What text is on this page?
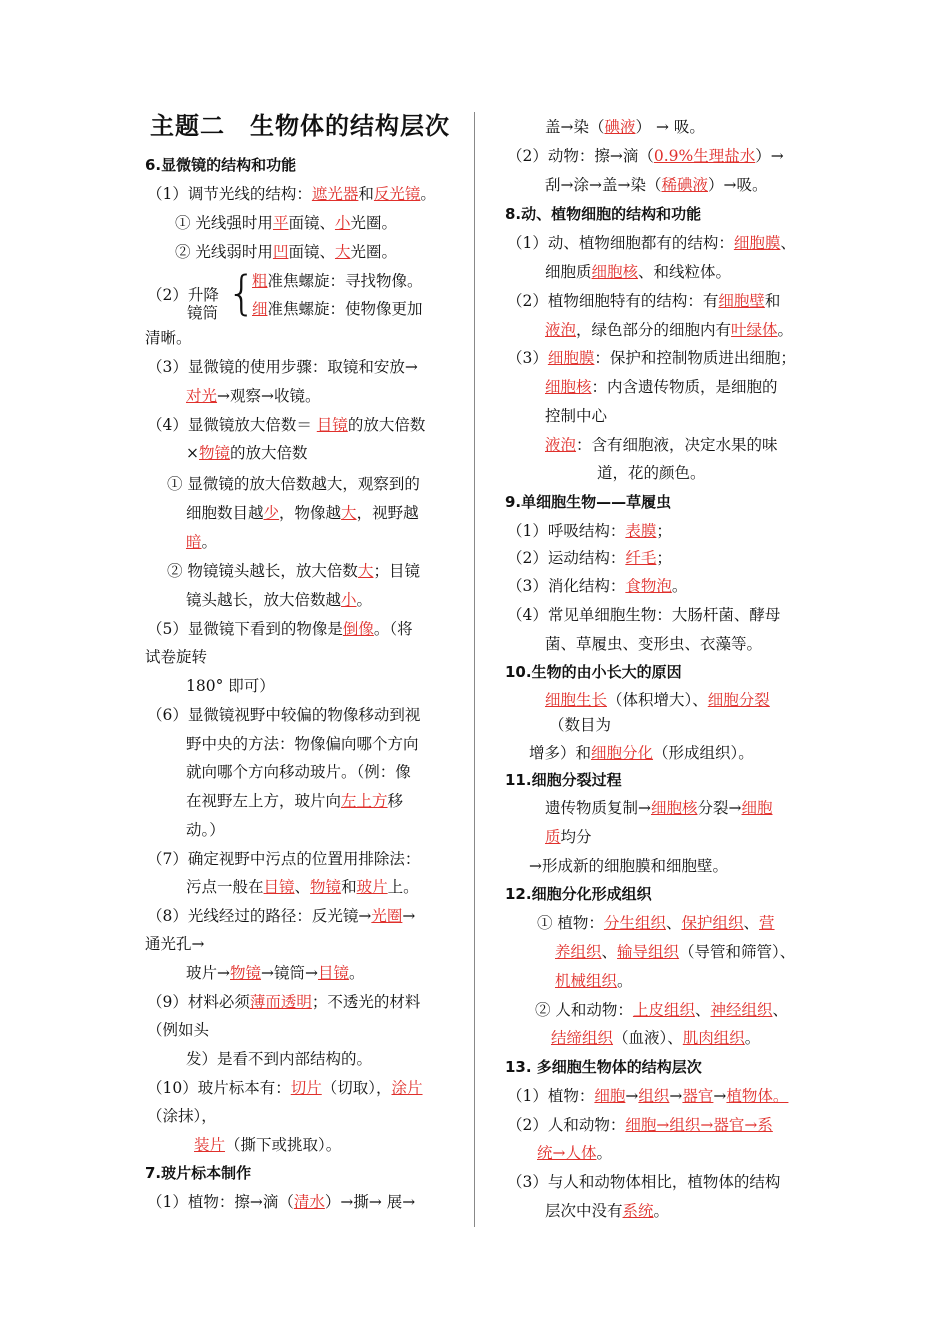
主题二　生物体的结构层次
6.显微镜的结构和功能
（1）调节光线的结构：遮光器和反光镜。
① 光线强时用平面镜、小光圈。
② 光线弱时用凹面镜、大光圈。
粗准焦螺旋：寻找物像。
（2）升降
镜筒 细准焦螺旋：使物像更加
清晰。
（3）显微镜的使用步骤：取镜和安放→
对光→观察→收镜。
（4）显微镜放大倍数＝ 目镜的放大倍数
×物镜的放大倍数
① 显微镜的放大倍数越大，观察到的
细胞数目越少，物像越大，视野越
暗。
② 物镜镜头越长，放大倍数大；目镜
镜头越长，放大倍数越小。
（5）显微镜下看到的物像是倒像。（将
试卷旋转
180° 即可）
（6）显微镜视野中较偏的物像移动到视
野中央的方法：物像偏向哪个方向
就向哪个方向移动玻片。（例：像
在视野左上方，玻片向左上方移
动。）
（7）确定视野中污点的位置用排除法：
污点一般在目镜、物镜和玻片上。
（8）光线经过的路径：反光镜→光圈→
通光孔→
玻片→物镜→镜筒→目镜。
（9）材料必须薄而透明；不透光的材料
（例如头
发）是看不到内部结构的。
（10）玻片标本有：切片（切取），涂片
（涂抹），
装片（撕下或挑取）。
7.玻片标本制作
（1）植物：擦→滴（清水）→撕→ 展→
盖→染（碘液） → 吸。
（2）动物：擦→滴（0.9%生理盐水）→
刮→涂→盖→染（稀碘液）→吸。
8.动、植物细胞的结构和功能
（1）动、植物细胞都有的结构：细胞膜、
细胞质细胞核、和线粒体。
（2）植物细胞特有的结构：有细胞壁和
液泡，绿色部分的细胞内有叶绿体。
（3）细胞膜：保护和控制物质进出细胞；
细胞核：内含遗传物质，是细胞的
控制中心
液泡：含有细胞液，决定水果的味
道，花的颜色。
9.单细胞生物——草履虫
（1）呼吸结构：表膜；
（2）运动结构：纤毛；
（3）消化结构：食物泡。
（4）常见单细胞生物：大肠杆菌、酵母
菌、草履虫、变形虫、衣藻等。
10.生物的由小长大的原因
细胞生长（体积增大）、细胞分裂
（数目为
增多）和细胞分化（形成组织）。
11.细胞分裂过程
遗传物质复制→细胞核分裂→细胞
质均分
→形成新的细胞膜和细胞壁。
12.细胞分化形成组织
① 植物：分生组织、保护组织、营
养组织、输导组织（导管和筛管）、
机械组织。
② 人和动物：上皮组织、神经组织、
结缔组织（血液）、肌肉组织。
13. 多细胞生物体的结构层次
（1）植物：细胞→组织→器官→植物体。
（2）人和动物：细胞→组织→器官→系
统→人体。
（3）与人和动物体相比，植物体的结构
层次中没有系统。
{
